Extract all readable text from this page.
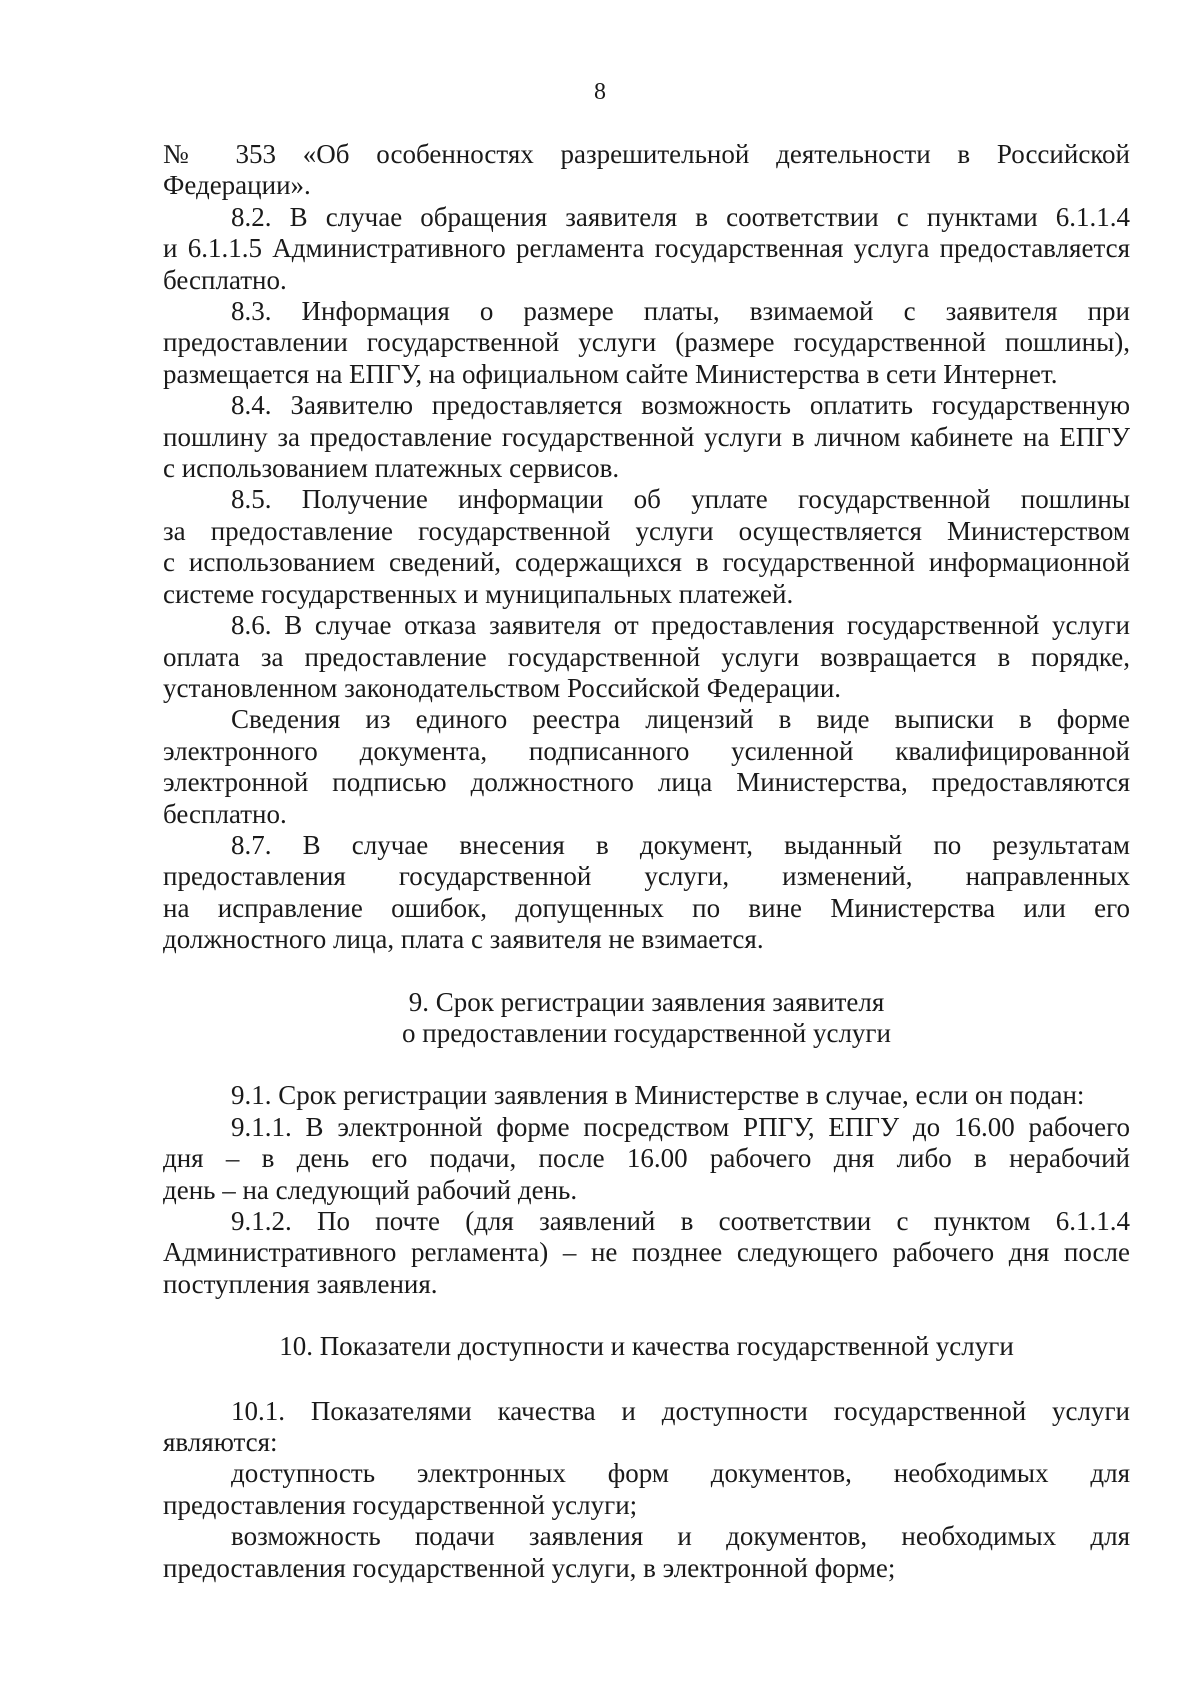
8
№ 353 «Об особенностях разрешительной деятельности в Российской
Федерации».
8.2. В случае обращения заявителя в соответствии с пунктами 6.1.1.4
и 6.1.1.5 Административного регламента государственная услуга предоставляется
бесплатно.
8.3. Информация о размере платы, взимаемой с заявителя при
предоставлении государственной услуги (размере государственной пошлины),
размещается на ЕПГУ, на официальном сайте Министерства в сети Интернет.
8.4. Заявителю предоставляется возможность оплатить государственную
пошлину за предоставление государственной услуги в личном кабинете на ЕПГУ
с использованием платежных сервисов.
8.5. Получение информации об уплате государственной пошлины
за предоставление государственной услуги осуществляется Министерством
с использованием сведений, содержащихся в государственной информационной
системе государственных и муниципальных платежей.
8.6. В случае отказа заявителя от предоставления государственной услуги
оплата за предоставление государственной услуги возвращается в порядке,
установленном законодательством Российской Федерации.
Сведения из единого реестра лицензий в виде выписки в форме
электронного документа, подписанного усиленной квалифицированной
электронной подписью должностного лица Министерства, предоставляются
бесплатно.
8.7. В случае внесения в документ, выданный по результатам
предоставления государственной услуги, изменений, направленных
на исправление ошибок, допущенных по вине Министерства или его
должностного лица, плата с заявителя не взимается.
9. Срок регистрации заявления заявителя
о предоставлении государственной услуги
9.1. Срок регистрации заявления в Министерстве в случае, если он подан:
9.1.1. В электронной форме посредством РПГУ, ЕПГУ до 16.00 рабочего
дня – в день его подачи, после 16.00 рабочего дня либо в нерабочий
день – на следующий рабочий день.
9.1.2. По почте (для заявлений в соответствии с пунктом 6.1.1.4
Административного регламента) – не позднее следующего рабочего дня после
поступления заявления.
10. Показатели доступности и качества государственной услуги
10.1. Показателями качества и доступности государственной услуги
являются:
доступность электронных форм документов, необходимых для
предоставления государственной услуги;
возможность подачи заявления и документов, необходимых для
предоставления государственной услуги, в электронной форме;
